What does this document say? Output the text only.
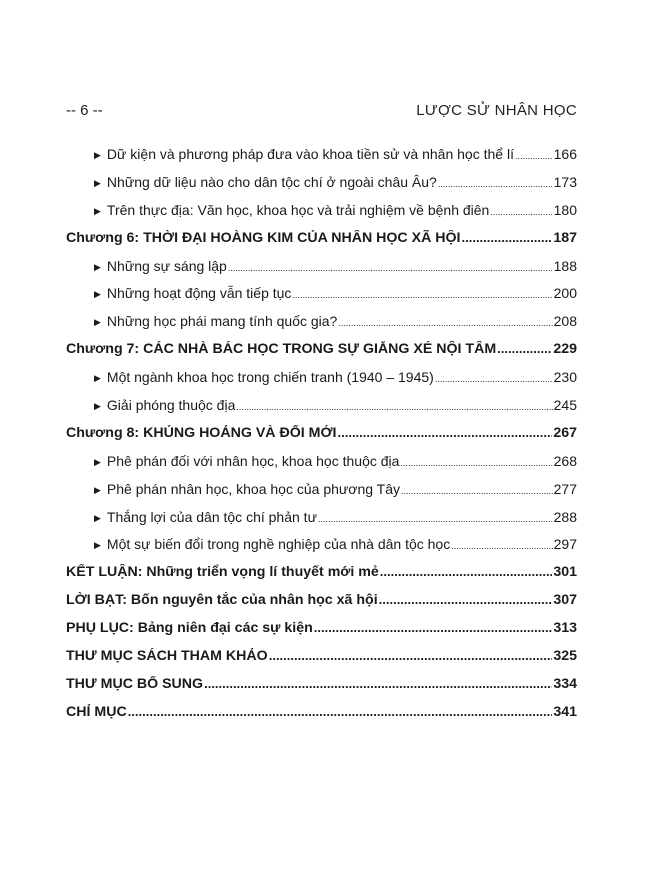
-- 6 --	LƯỢC SỬ NHÂN HỌC
▶ Dữ kiện và phương pháp đưa vào khoa tiền sử và nhân học thể lí .....	166
▶ Những dữ liệu nào cho dân tộc chí ở ngoài châu Âu? .....	173
▶ Trên thực địa: Văn học, khoa học và trải nghiệm về bệnh điên .....	180
Chương 6: THỜI ĐẠI HOÀNG KIM CỦA NHÂN HỌC XÃ HỘI .....	187
▶ Những sự sáng lập .....	188
▶ Những hoạt động vẫn tiếp tục .....	200
▶ Những học phái mang tính quốc gia? .....	208
Chương 7: CÁC NHÀ BÁC HỌC TRONG SỰ GIẰNG XÉ NỘI TÂM .....	229
▶ Một ngành khoa học trong chiến tranh (1940 – 1945) .....	230
▶ Giải phóng thuộc địa .....	245
Chương 8: KHỦNG HOẢNG VÀ ĐỔI MỚI .....	267
▶ Phê phán đối với nhân học, khoa học thuộc địa .....	268
▶ Phê phán nhân học, khoa học của phương Tây .....	277
▶ Thắng lợi của dân tộc chí phản tư .....	288
▶ Một sự biến đổi trong nghề nghiệp của nhà dân tộc học .....	297
KẾT LUẬN: Những triển vọng lí thuyết mới mẻ .....	301
LỜI BẠT: Bốn nguyên tắc của nhân học xã hội .....	307
PHỤ LỤC: Bảng niên đại các sự kiện .....	313
THƯ MỤC SÁCH THAM KHẢO .....	325
THƯ MỤC BỔ SUNG .....	334
CHỈ MỤC .....	341
